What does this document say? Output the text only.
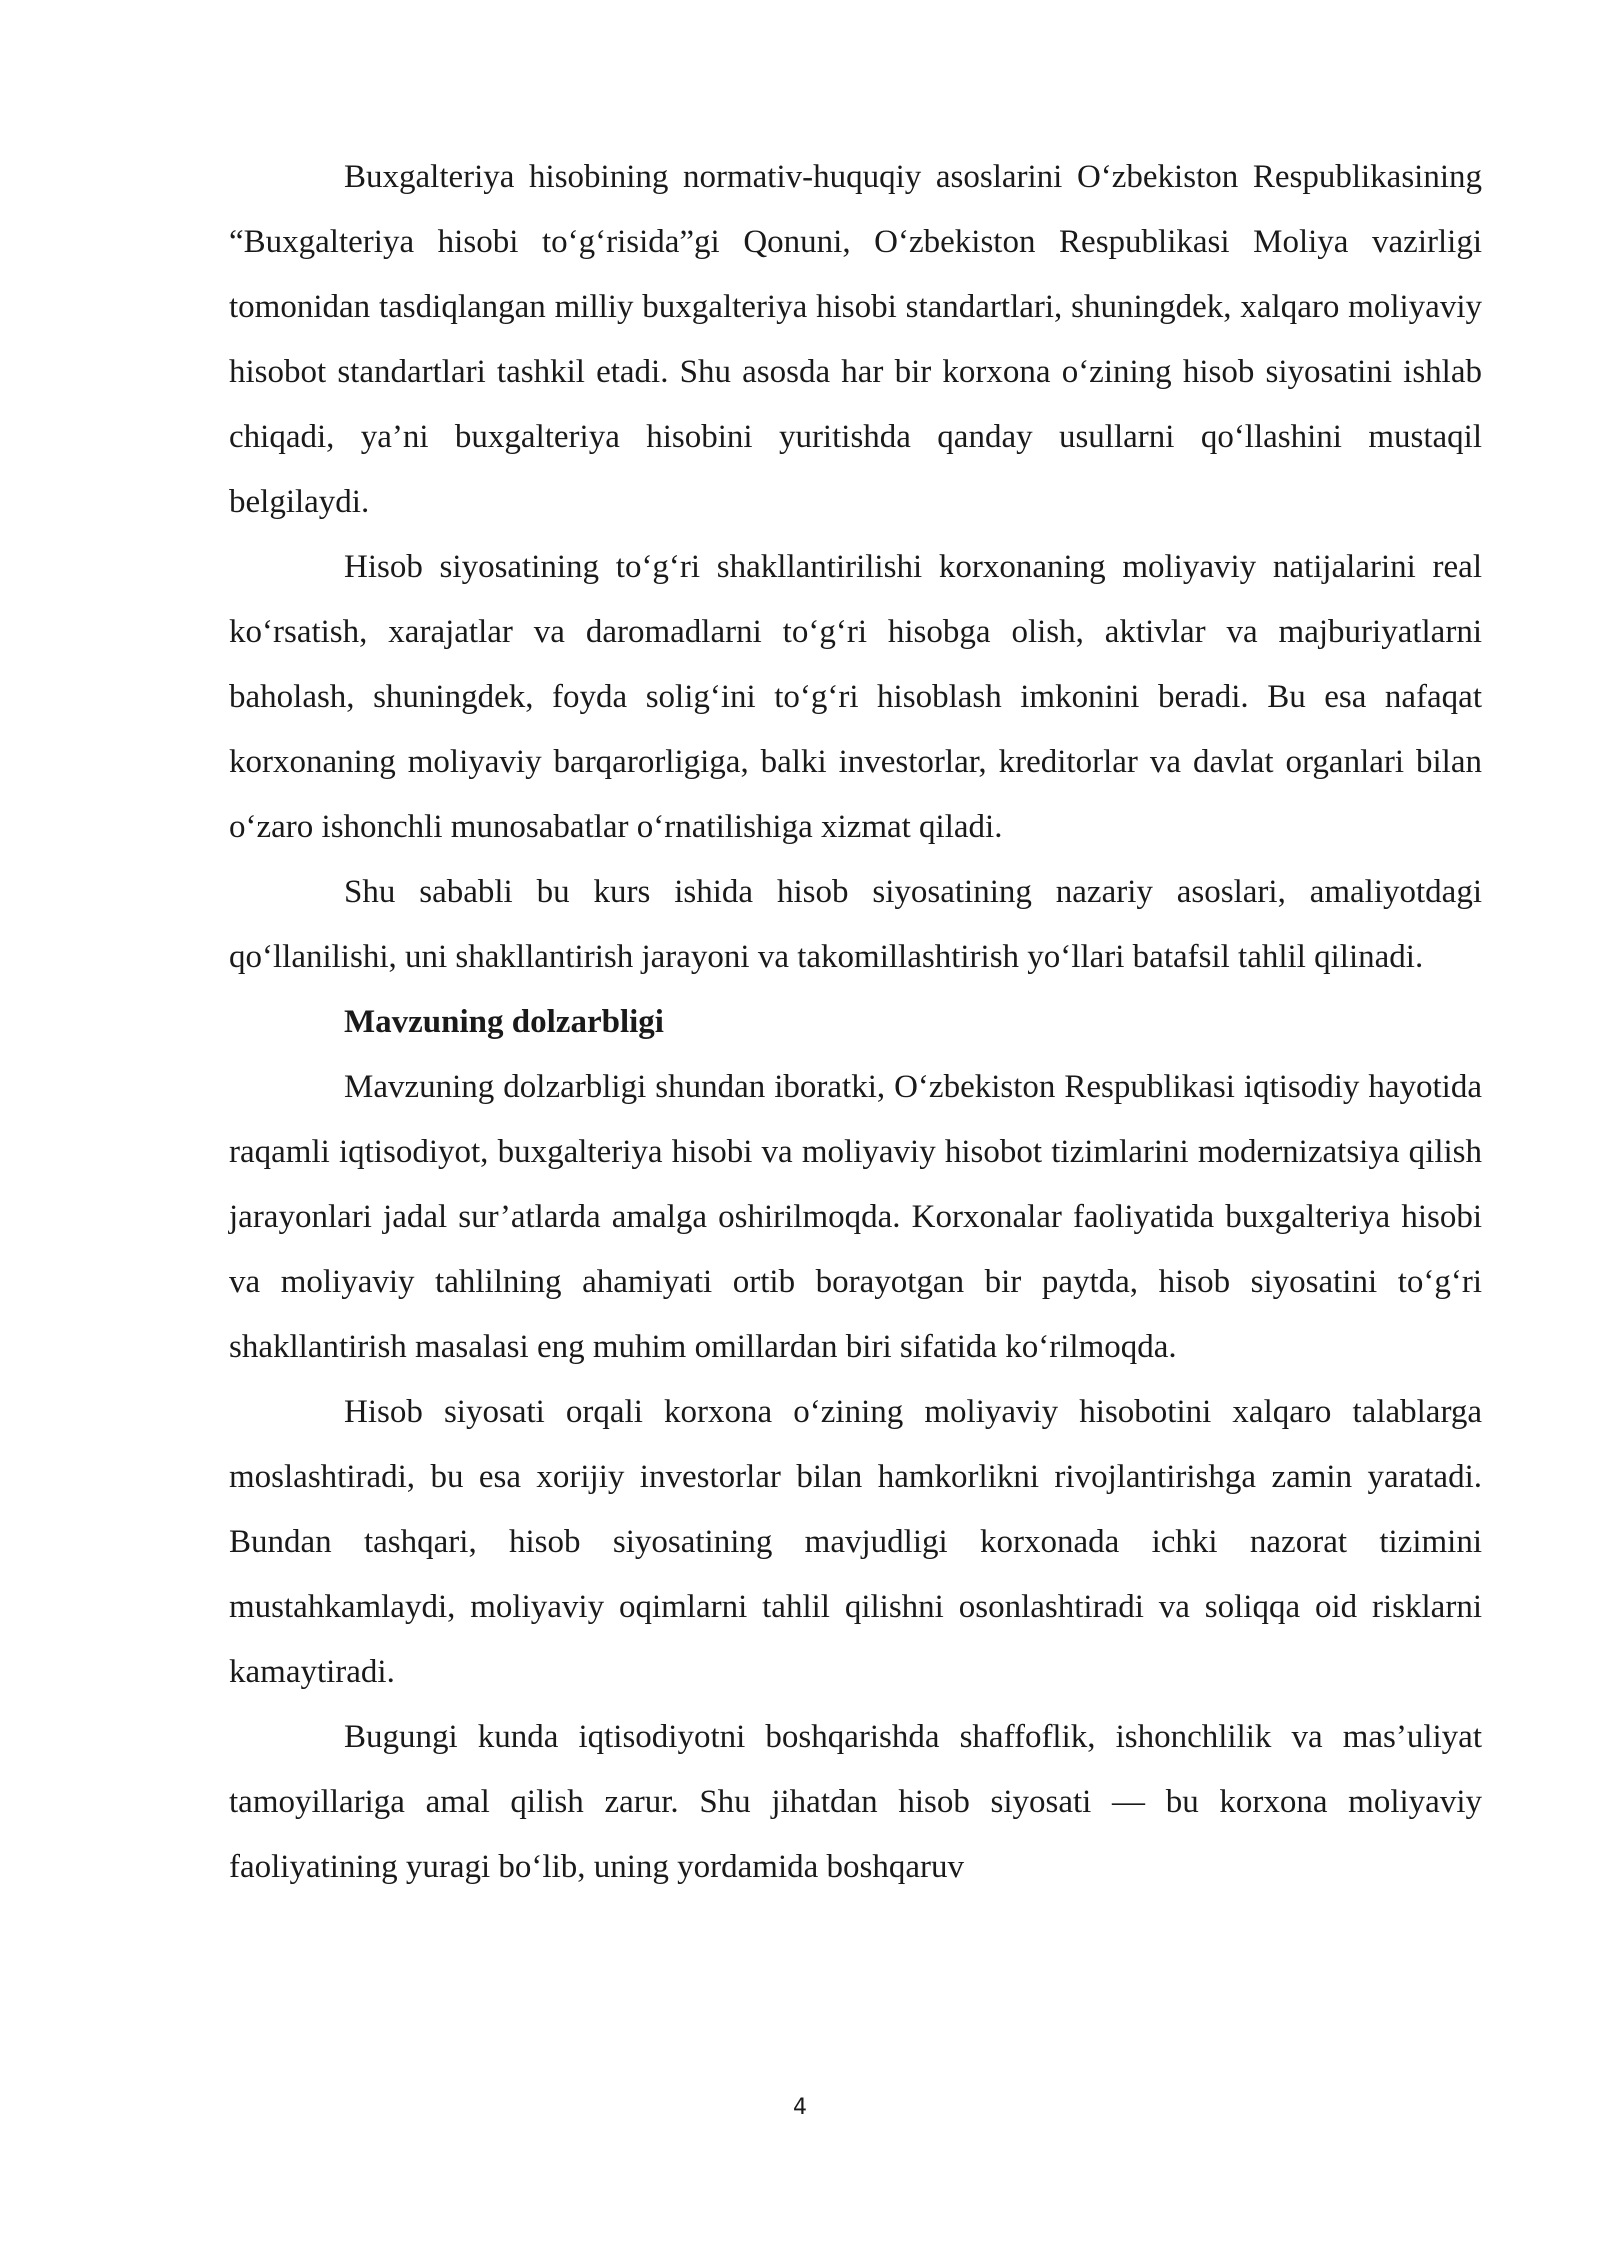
Buxgalteriya hisobining normativ-huquqiy asoslarini O‘zbekiston Respublikasining “Buxgalteriya hisobi to‘g‘risida”gi Qonuni, O‘zbekiston Respublikasi Moliya vazirligi tomonidan tasdiqlangan milliy buxgalteriya hisobi standartlari, shuningdek, xalqaro moliyaviy hisobot standartlari tashkil etadi. Shu asosda har bir korxona o‘zining hisob siyosatini ishlab chiqadi, ya’ni buxgalteriya hisobini yuritishda qanday usullarni qo‘llashini mustaqil belgilaydi.

Hisob siyosatining to‘g‘ri shakllantirilishi korxonaning moliyaviy natijalarini real ko‘rsatish, xarajatlar va daromadlarni to‘g‘ri hisobga olish, aktivlar va majburiyatlarni baholash, shuningdek, foyda solig‘ini to‘g‘ri hisoblash imkonini beradi. Bu esa nafaqat korxonaning moliyaviy barqarorligiga, balki investorlar, kreditorlar va davlat organlari bilan o‘zaro ishonchli munosabatlar o‘rnatilishiga xizmat qiladi.

Shu sababli bu kurs ishida hisob siyosatining nazariy asoslari, amaliyotdagi qo‘llanilishi, uni shakllantirish jarayoni va takomillashtirish yo‘llari batafsil tahlil qilinadi.

Mavzuning dolzarbligi

Mavzuning dolzarbligi shundan iboratki, O‘zbekiston Respublikasi iqtisodiy hayotida raqamli iqtisodiyot, buxgalteriya hisobi va moliyaviy hisobot tizimlarini modernizatsiya qilish jarayonlari jadal sur’atlarda amalga oshirilmoqda. Korxonalar faoliyatida buxgalteriya hisobi va moliyaviy tahlilning ahamiyati ortib borayotgan bir paytda, hisob siyosatini to‘g‘ri shakllantirish masalasi eng muhim omillardan biri sifatida ko‘rilmoqda.

Hisob siyosati orqali korxona o‘zining moliyaviy hisobotini xalqaro talablarga moslashtiradi, bu esa xorijiy investorlar bilan hamkorlikni rivojlantirishga zamin yaratadi. Bundan tashqari, hisob siyosatining mavjudligi korxonada ichki nazorat tizimini mustahkamlaydi, moliyaviy oqimlarni tahlil qilishni osonlashtiradi va soliqqa oid risklarni kamaytiradi.

Bugungi kunda iqtisodiyotni boshqarishda shaffoflik, ishonchlilik va mas’uliyat tamoyillariga amal qilish zarur. Shu jihatdan hisob siyosati — bu korxona moliyaviy faoliyatining yuragi bo‘lib, uning yordamida boshqaruv

4
